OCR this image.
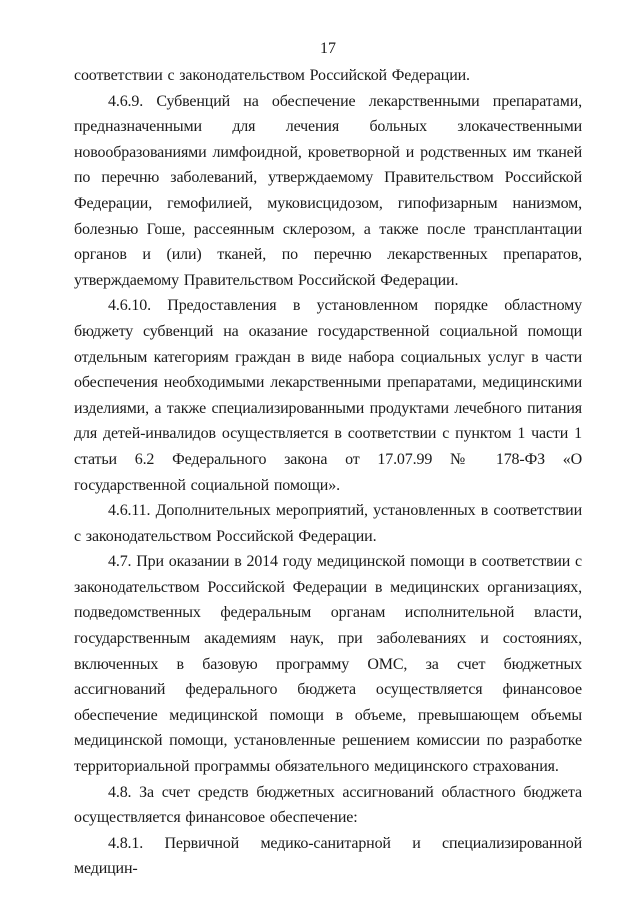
17

соответствии с законодательством Российской Федерации.

4.6.9. Субвенций на обеспечение лекарственными препаратами, предназначенными для лечения больных злокачественными новообразованиями лимфоидной, кроветворной и родственных им тканей по перечню заболеваний, утверждаемому Правительством Российской Федерации, гемофилией, муковисцидозом, гипофизарным нанизмом, болезнью Гоше, рассеянным склерозом, а также после трансплантации органов и (или) тканей, по перечню лекарственных препаратов, утверждаемому Правительством Российской Федерации.

4.6.10. Предоставления в установленном порядке областному бюджету субвенций на оказание государственной социальной помощи отдельным категориям граждан в виде набора социальных услуг в части обеспечения необходимыми лекарственными препаратами, медицинскими изделиями, а также специализированными продуктами лечебного питания для детей-инвалидов осуществляется в соответствии с пунктом 1 части 1 статьи 6.2 Федерального закона от 17.07.99 № 178-ФЗ «О государственной социальной помощи».

4.6.11. Дополнительных мероприятий, установленных в соответствии с законодательством Российской Федерации.

4.7. При оказании в 2014 году медицинской помощи в соответствии с законодательством Российской Федерации в медицинских организациях, подведомственных федеральным органам исполнительной власти, государственным академиям наук, при заболеваниях и состояниях, включенных в базовую программу ОМС, за счет бюджетных ассигнований федерального бюджета осуществляется финансовое обеспечение медицинской помощи в объеме, превышающем объемы медицинской помощи, установленные решением комиссии по разработке территориальной программы обязательного медицинского страхования.

4.8. За счет средств бюджетных ассигнований областного бюджета осуществляется финансовое обеспечение:

4.8.1. Первичной медико-санитарной и специализированной медицин-
